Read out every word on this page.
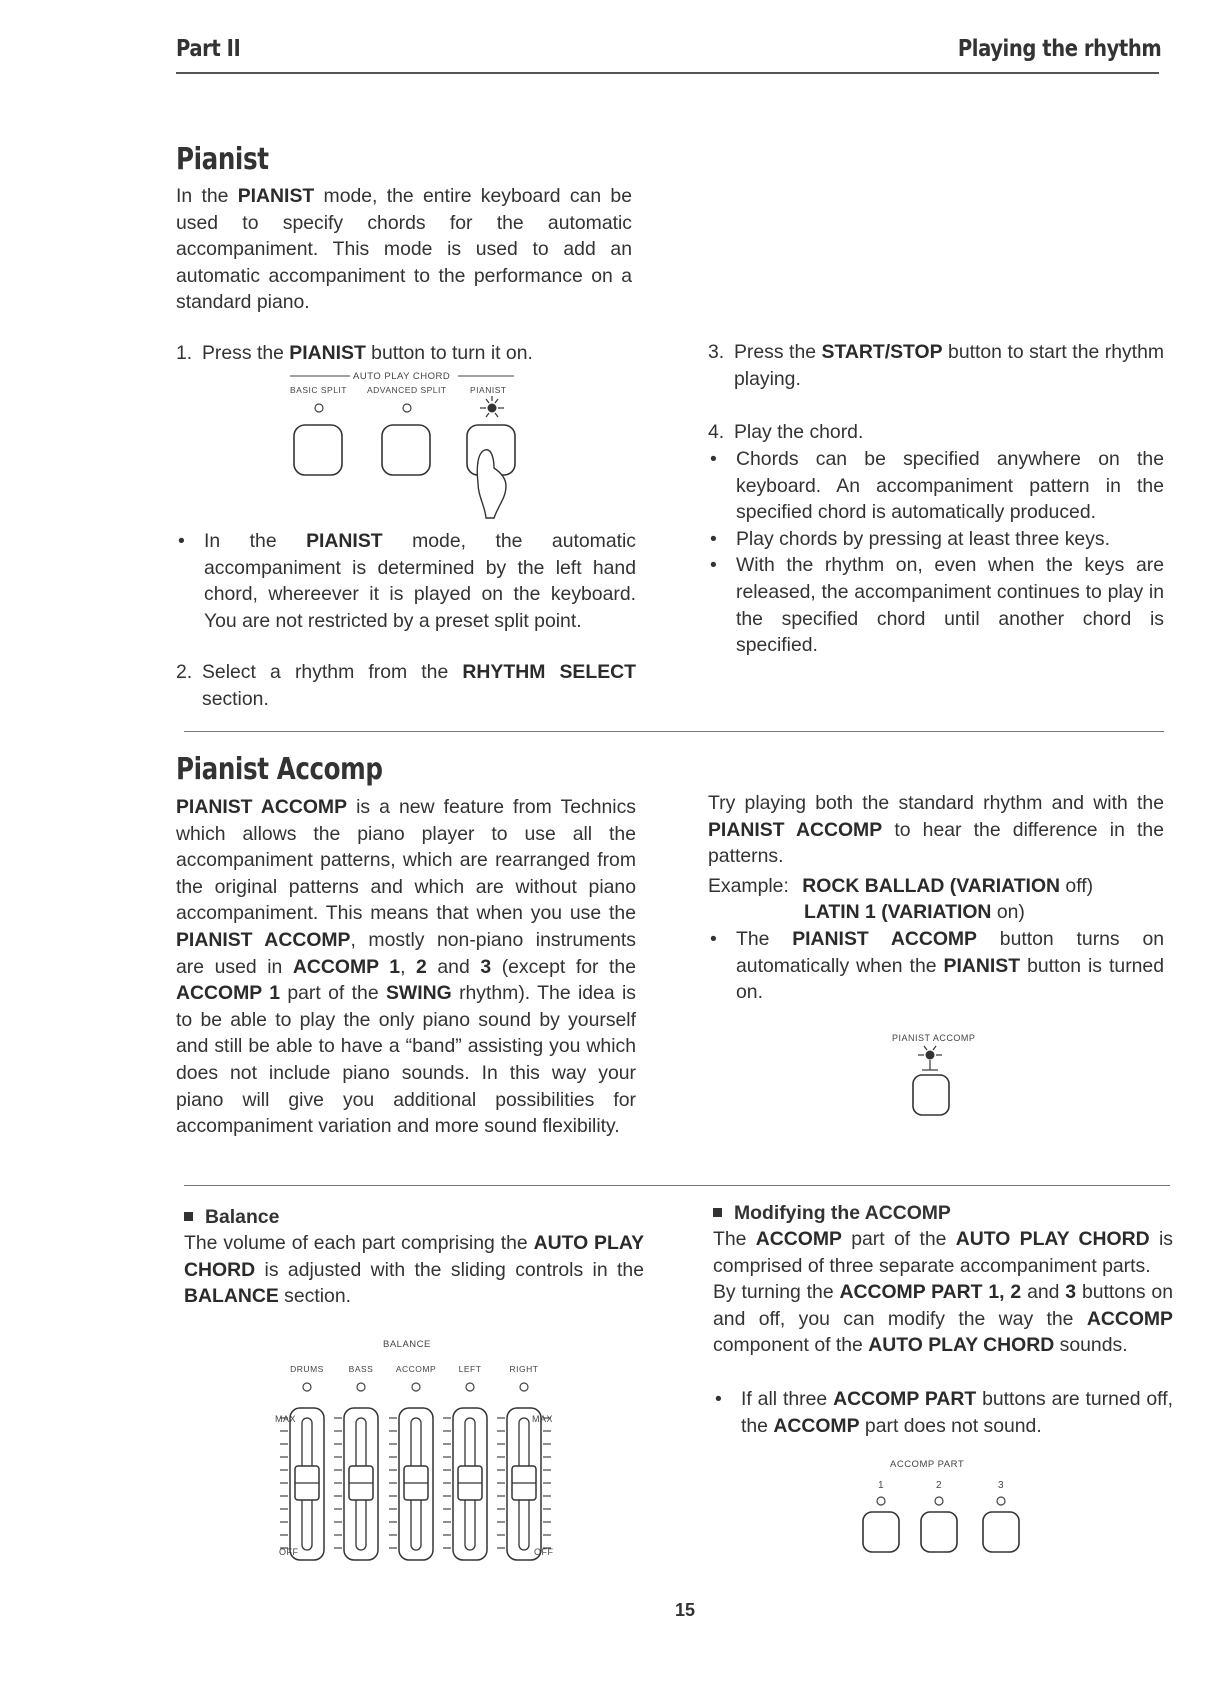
Part II	Playing the rhythm
Pianist
In the PIANIST mode, the entire keyboard can be used to specify chords for the automatic accompaniment. This mode is used to add an automatic accompaniment to the performance on a standard piano.
1. Press the PIANIST button to turn it on.
AUTO PLAY CHORD
BASIC SPLIT ADVANCED SPLIT	PIANIST
• In the PIANIST mode, the automatic accompaniment is determined by the left hand chord, whereever it is played on the keyboard. You are not restricted by a preset split point.
2. Select a rhythm from the RHYTHM SELECT section.
3. Press the START/STOP button to start the rhythm playing.
4. Play the chord.
• Chords can be specified anywhere on the keyboard. An accompaniment pattern in the specified chord is automatically produced.
• Play chords by pressing at least three keys.
• With the rhythm on, even when the keys are released, the accompaniment continues to play in the specified chord until another chord is specified.
Pianist Accomp
PIANIST ACCOMP is a new feature from Technics which allows the piano player to use all the accompaniment patterns, which are rearranged from the original patterns and which are without piano accompaniment. This means that when you use the PIANIST ACCOMP, mostly non-piano instruments are used in ACCOMP 1, 2 and 3 (except for the ACCOMP 1 part of the SWING rhythm). The idea is to be able to play the only piano sound by yourself and still be able to have a “band” assisting you which does not include piano sounds. In this way your piano will give you additional possibilities for accompaniment variation and more sound flexibility.
Try playing both the standard rhythm and with the PIANIST ACCOMP to hear the difference in the patterns.
Example: ROCK BALLAD (VARIATION off)
LATIN 1 (VARIATION on)
• The PIANIST ACCOMP button turns on automatically when the PIANIST button is turned on.
PIANIST ACCOMP
Balance
The volume of each part comprising the AUTO PLAY CHORD is adjusted with the sliding controls in the BALANCE section.
BALANCE
DRUMS	BASS	ACCOMP	LEFT	RIGHT
MAX	MAX
OFF	OFF
Modifying the ACCOMP
The ACCOMP part of the AUTO PLAY CHORD is comprised of three separate accompaniment parts.
By turning the ACCOMP PART 1, 2 and 3 buttons on and off, you can modify the way the ACCOMP component of the AUTO PLAY CHORD sounds.
• If all three ACCOMP PART buttons are turned off, the ACCOMP part does not sound.
ACCOMP PART
1	2	3
15
